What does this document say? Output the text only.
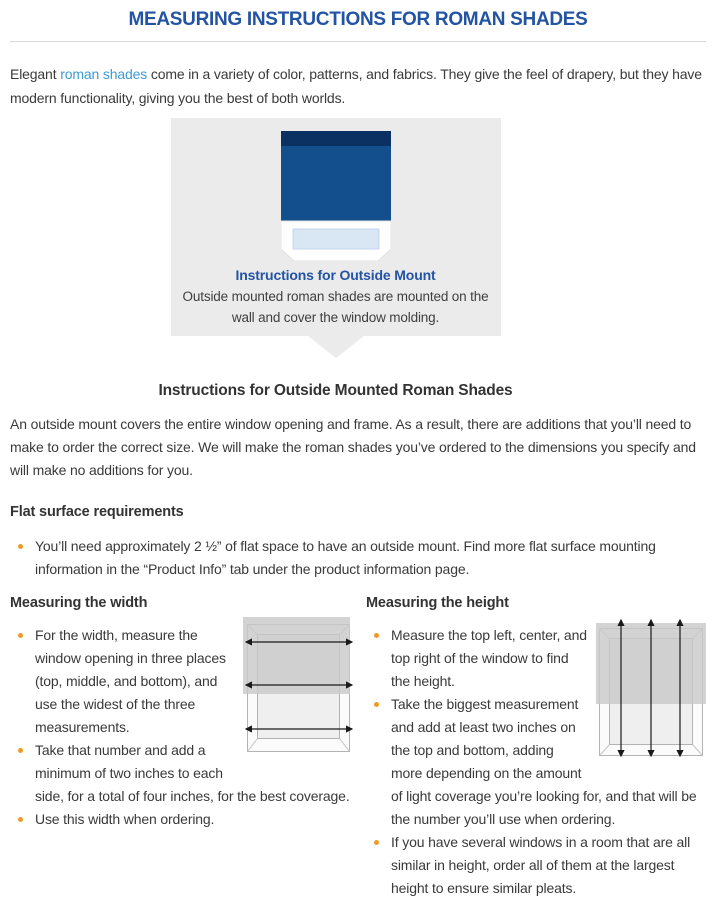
MEASURING INSTRUCTIONS FOR ROMAN SHADES

Elegant roman shades come in a variety of color, patterns, and fabrics. They give the feel of drapery, but they have modern functionality, giving you the best of both worlds.

Instructions for Outside Mount

Outside mounted roman shades are mounted on the wall and cover the window molding.

Instructions for Outside Mounted Roman Shades

An outside mount covers the entire window opening and frame. As a result, there are additions that you’ll need to make to order the correct size. We will make the roman shades you’ve ordered to the dimensions you specify and will make no additions for you.

Flat surface requirements
You’ll need approximately 2 ½” of flat space to have an outside mount. Find more flat surface mounting information in the “Product Info” tab under the product information page.
Measuring the width
For the width, measure the window opening in three places (top, middle, and bottom), and use the widest of the three measurements.
Take that number and add a minimum of two inches to each side, for a total of four inches, for the best coverage.
Use this width when ordering.
Measuring the height
Measure the top left, center, and top right of the window to find the height.
Take the biggest measurement and add at least two inches on the top and bottom, adding more depending on the amount of light coverage you’re looking for, and that will be the number you’ll use when ordering.
If you have several windows in a room that are all similar in height, order all of them at the largest height to ensure similar pleats.
